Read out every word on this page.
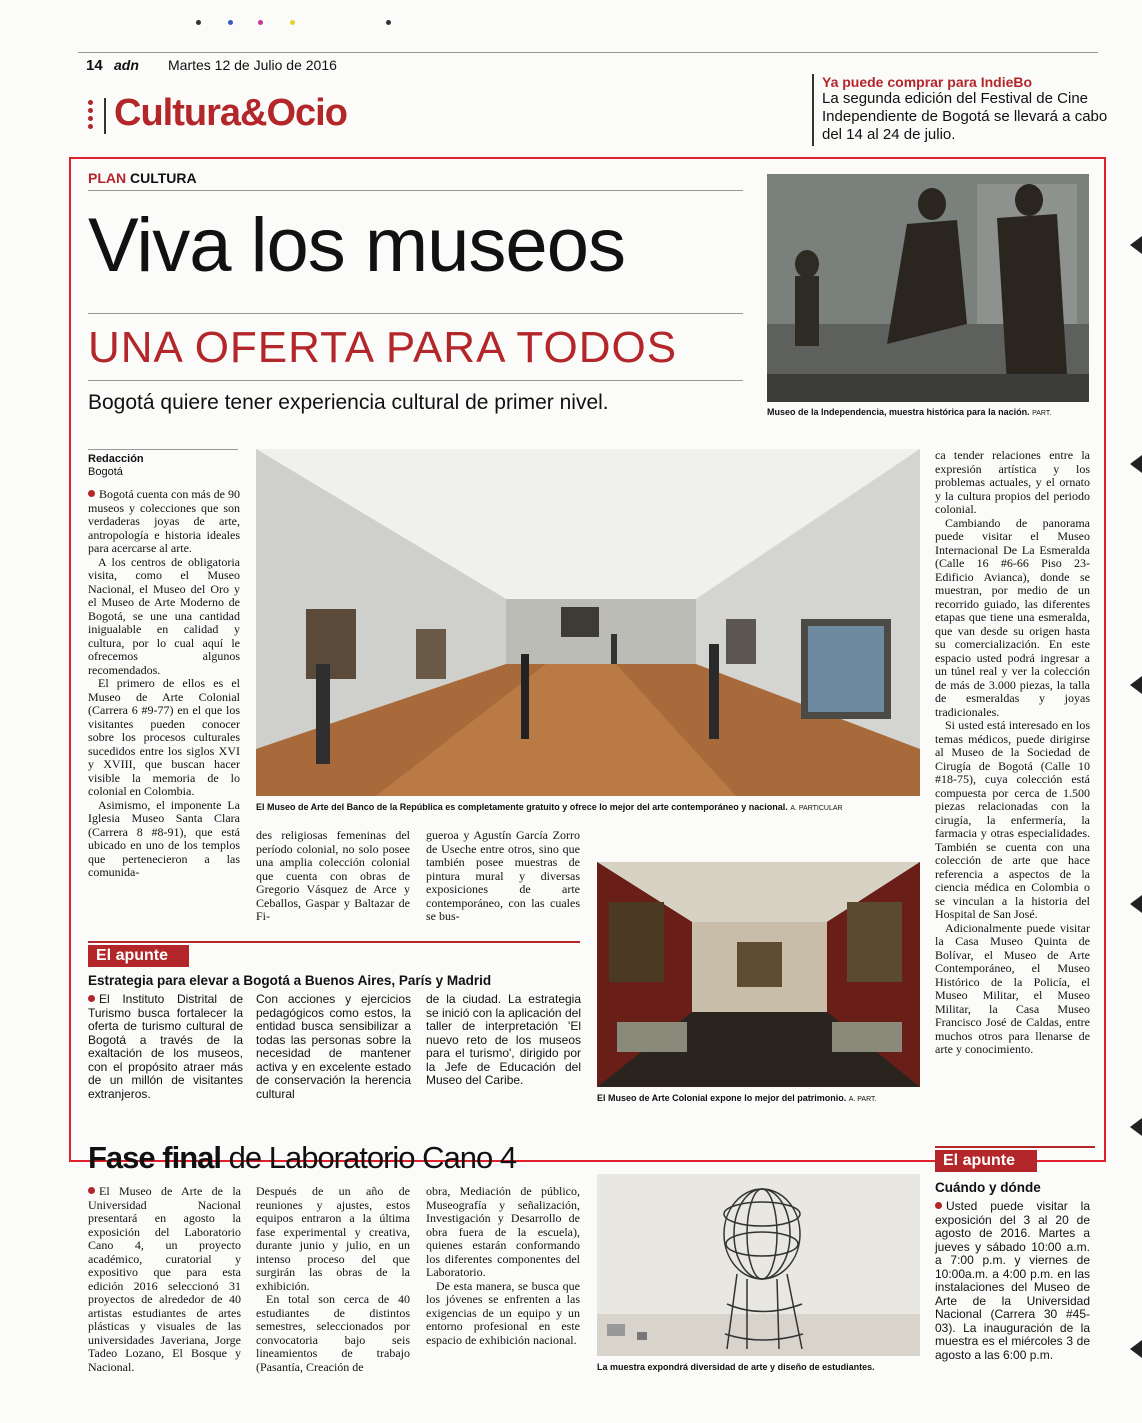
14 adn Martes 12 de Julio de 2016
Cultura&Ocio
Ya puede comprar para IndieBo
La segunda edición del Festival de Cine Independiente de Bogotá se llevará a cabo del 14 al 24 de julio.
PLAN CULTURA
Viva los museos
UNA OFERTA PARA TODOS
Bogotá quiere tener experiencia cultural de primer nivel.	Museo de la Independencia, muestra histórica para la nación. PART.
Redacción
Bogotá

Bogotá cuenta con más de 90 museos y colecciones que son verdaderas joyas de arte, antropología e historia ideales para acercarse al arte.

A los centros de obligatoria visita, como el Museo Nacional, el Museo del Oro y el Museo de Arte Moderno de Bogotá, se une una cantidad inigualable en calidad y cultura, por lo cual aquí le ofrecemos algunos recomendados.

El primero de ellos es el Museo de Arte Colonial (Carrera 6 #9-77) en el que los visitantes pueden conocer sobre los procesos culturales sucedidos entre los siglos XVI y XVIII, que buscan hacer visible la memoria de lo colonial en Colombia.

Asimismo, el imponente La Iglesia Museo Santa Clara (Carrera 8 #8-91), que está ubicado en uno de los templos que pertenecieron a las comunida-

El Museo de Arte del Banco de la República es completamente gratuito y ofrece lo mejor del arte contemporáneo y nacional. A. PARTICULAR

des religiosas femeninas del período colonial, no solo posee una amplia colección colonial que cuenta con obras de Gregorio Vásquez de Arce y Ceballos, Gaspar y Baltazar de Fi-

gueroa y Agustín García Zorro de Useche entre otros, sino que también posee muestras de pintura mural y diversas exposiciones de arte contemporáneo, con las cuales se bus-

ca tender relaciones entre la expresión artística y los problemas actuales, y el ornato y la cultura propios del periodo colonial.

Cambiando de panorama puede visitar el Museo Internacional De La Esmeralda (Calle 16 #6-66 Piso 23-Edificio Avianca), donde se muestran, por medio de un recorrido guiado, las diferentes etapas que tiene una esmeralda, que van desde su origen hasta su comercialización. En este espacio usted podrá ingresar a un túnel real y ver la colección de más de 3.000 piezas, la talla de esmeraldas y joyas tradicionales.

Si usted está interesado en los temas médicos, puede dirigirse al Museo de la Sociedad de Cirugía de Bogotá (Calle 10 #18-75), cuya colección está compuesta por cerca de 1.500 piezas relacionadas con la cirugía, la enfermería, la farmacia y otras especialidades. También se cuenta con una colección de arte que hace referencia a aspectos de la ciencia médica en Colombia o se vinculan a la historia del Hospital de San José.

Adicionalmente puede visitar la Casa Museo Quinta de Bolívar, el Museo de Arte Contemporáneo, el Museo Histórico de la Policía, el Museo Militar, el Museo Militar, la Casa Museo Francisco José de Caldas, entre muchos otros para llenarse de arte y conocimiento.

El Museo de Arte Colonial expone lo mejor del patrimonio. A. PART.
El apunte
Estrategia para elevar a Bogotá a Buenos Aires, París y Madrid
El Instituto Distrital de Turismo busca fortalecer la oferta de turismo cultural de Bogotá a través de la exaltación de los museos, con el propósito atraer más de un millón de visitantes extranjeros.
Con acciones y ejercicios pedagógicos como estos, la entidad busca sensibilizar a todas las personas sobre la necesidad de mantener activa y en excelente estado de conservación la herencia cultural
de la ciudad. La estrategia se inició con la aplicación del taller de interpretación 'El nuevo reto de los museos para el turismo', dirigido por la Jefe de Educación del Museo del Caribe.
Fase final de Laboratorio Cano 4

El Museo de Arte de la Universidad Nacional presentará en agosto la exposición del Laboratorio Cano 4, un proyecto académico, curatorial y expositivo que para esta edición 2016 seleccionó 31 proyectos de alrededor de 40 artistas estudiantes de artes plásticas y visuales de las universidades Javeriana, Jorge Tadeo Lozano, El Bosque y Nacional.

Después de un año de reuniones y ajustes, estos equipos entraron a la última fase experimental y creativa, durante junio y julio, en un intenso proceso del que surgirán las obras de la exhibición.

En total son cerca de 40 estudiantes de distintos semestres, seleccionados por convocatoria bajo seis lineamientos de trabajo (Pasantía, Creación de

obra, Mediación de público, Museografía y señalización, Investigación y Desarrollo de obra fuera de la escuela), quienes estarán conformando los diferentes componentes del Laboratorio.

De esta manera, se busca que los jóvenes se enfrenten a las exigencias de un equipo y un entorno profesional en este espacio de exhibición nacional.

La muestra expondrá diversidad de arte y diseño de estudiantes.
El apunte
Cuándo y dónde
Usted puede visitar la exposición del 3 al 20 de agosto de 2016. Martes a jueves y sábado 10:00 a.m. a 7:00 p.m. y viernes de 10:00a.m. a 4:00 p.m. en las instalaciones del Museo de Arte de la Universidad Nacional (Carrera 30 #45-03). La inauguración de la muestra es el miércoles 3 de agosto a las 6:00 p.m.
